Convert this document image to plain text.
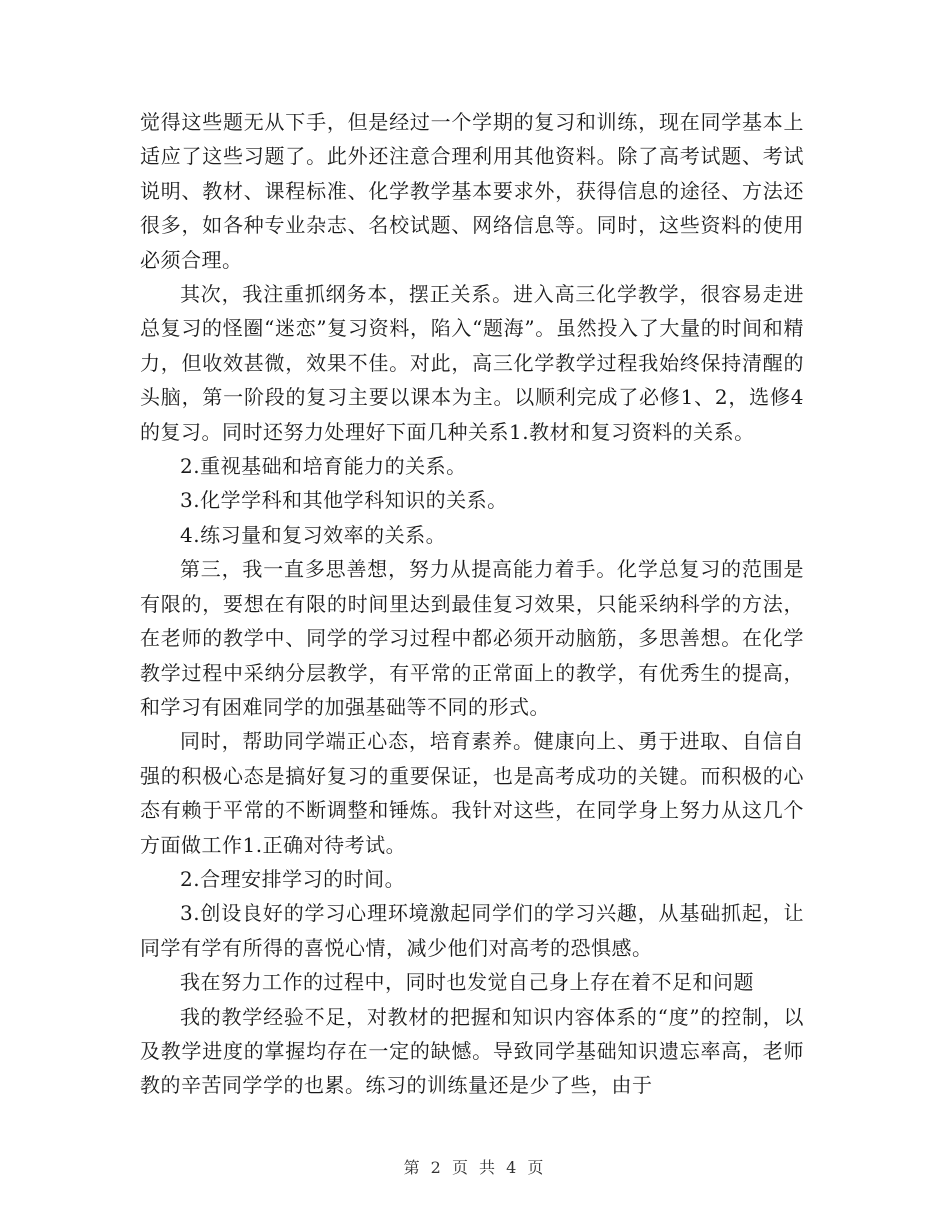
觉得这些题无从下手，但是经过一个学期的复习和训练，现在同学基本上适应了这些习题了。此外还注意合理利用其他资料。除了高考试题、考试说明、教材、课程标准、化学教学基本要求外，获得信息的途径、方法还很多，如各种专业杂志、名校试题、网络信息等。同时，这些资料的使用必须合理。

其次，我注重抓纲务本，摆正关系。进入高三化学教学，很容易走进总复习的怪圈“迷恋”复习资料，陷入“题海”。虽然投入了大量的时间和精力，但收效甚微，效果不佳。对此，高三化学教学过程我始终保持清醒的头脑，第一阶段的复习主要以课本为主。以顺利完成了必修1、2，选修4的复习。同时还努力处理好下面几种关系1.教材和复习资料的关系。

2.重视基础和培育能力的关系。

3.化学学科和其他学科知识的关系。

4.练习量和复习效率的关系。

第三，我一直多思善想，努力从提高能力着手。化学总复习的范围是有限的，要想在有限的时间里达到最佳复习效果，只能采纳科学的方法，在老师的教学中、同学的学习过程中都必须开动脑筋，多思善想。在化学教学过程中采纳分层教学，有平常的正常面上的教学，有优秀生的提高，和学习有困难同学的加强基础等不同的形式。

同时，帮助同学端正心态，培育素养。健康向上、勇于进取、自信自强的积极心态是搞好复习的重要保证，也是高考成功的关键。而积极的心态有赖于平常的不断调整和锤炼。我针对这些，在同学身上努力从这几个方面做工作1.正确对待考试。

2.合理安排学习的时间。

3.创设良好的学习心理环境激起同学们的学习兴趣，从基础抓起，让同学有学有所得的喜悦心情，减少他们对高考的恐惧感。

我在努力工作的过程中，同时也发觉自己身上存在着不足和问题

我的教学经验不足，对教材的把握和知识内容体系的“度”的控制，以及教学进度的掌握均存在一定的缺憾。导致同学基础知识遗忘率高，老师教的辛苦同学学的也累。练习的训练量还是少了些，由于

第 2 页 共 4 页
